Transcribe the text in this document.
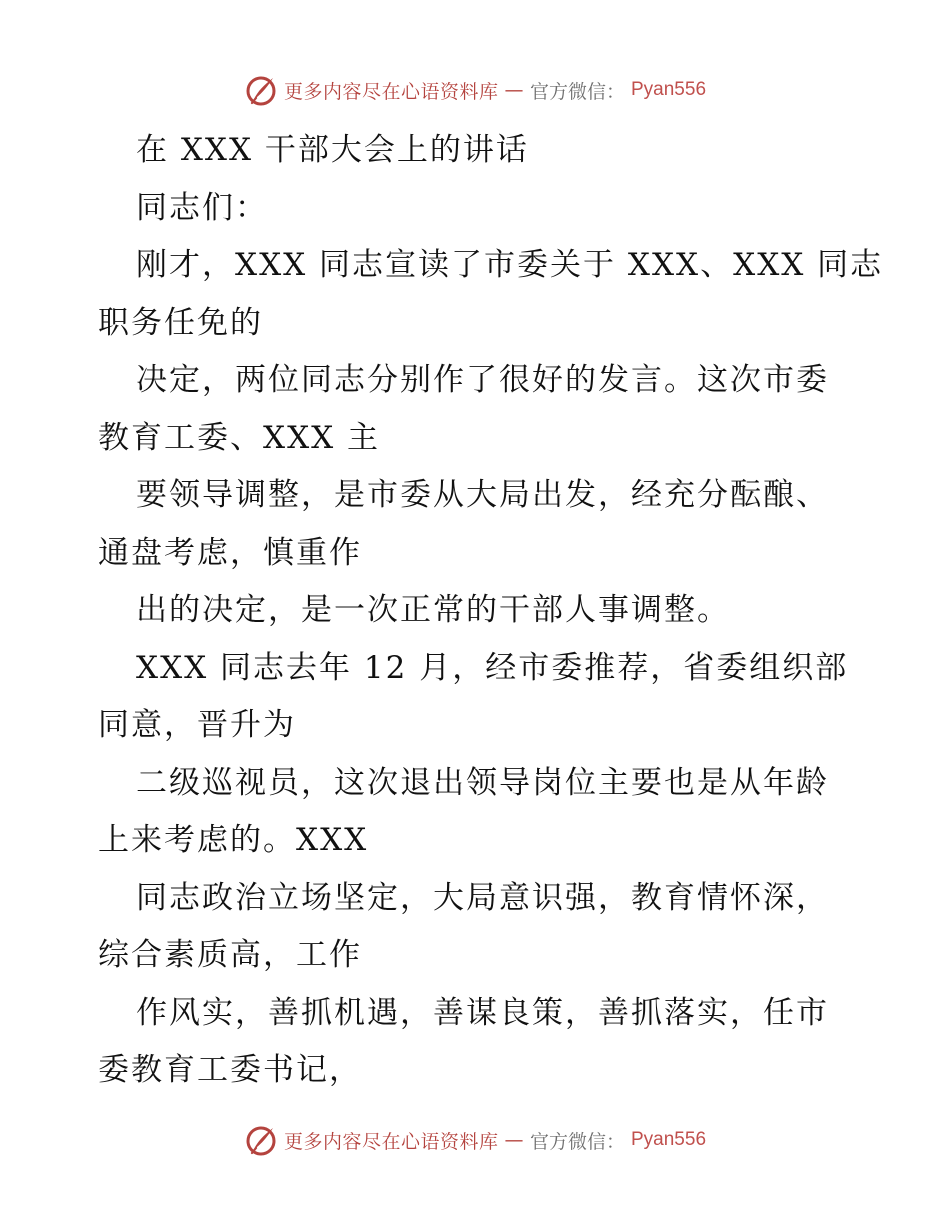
更多内容尽在心语资料库 — 官方微信： Pyan556
在 XXX 干部大会上的讲话
同志们：
刚才，XXX 同志宣读了市委关于 XXX、XXX 同志
职务任免的
决定，两位同志分别作了很好的发言。这次市委
教育工委、XXX 主
要领导调整，是市委从大局出发，经充分酝酿、
通盘考虑，慎重作
出的决定，是一次正常的干部人事调整。
XXX 同志去年 12 月，经市委推荐，省委组织部
同意，晋升为
二级巡视员，这次退出领导岗位主要也是从年龄
上来考虑的。XXX
同志政治立场坚定，大局意识强，教育情怀深，
综合素质高，工作
作风实，善抓机遇，善谋良策，善抓落实，任市
委教育工委书记，
更多内容尽在心语资料库 — 官方微信： Pyan556
